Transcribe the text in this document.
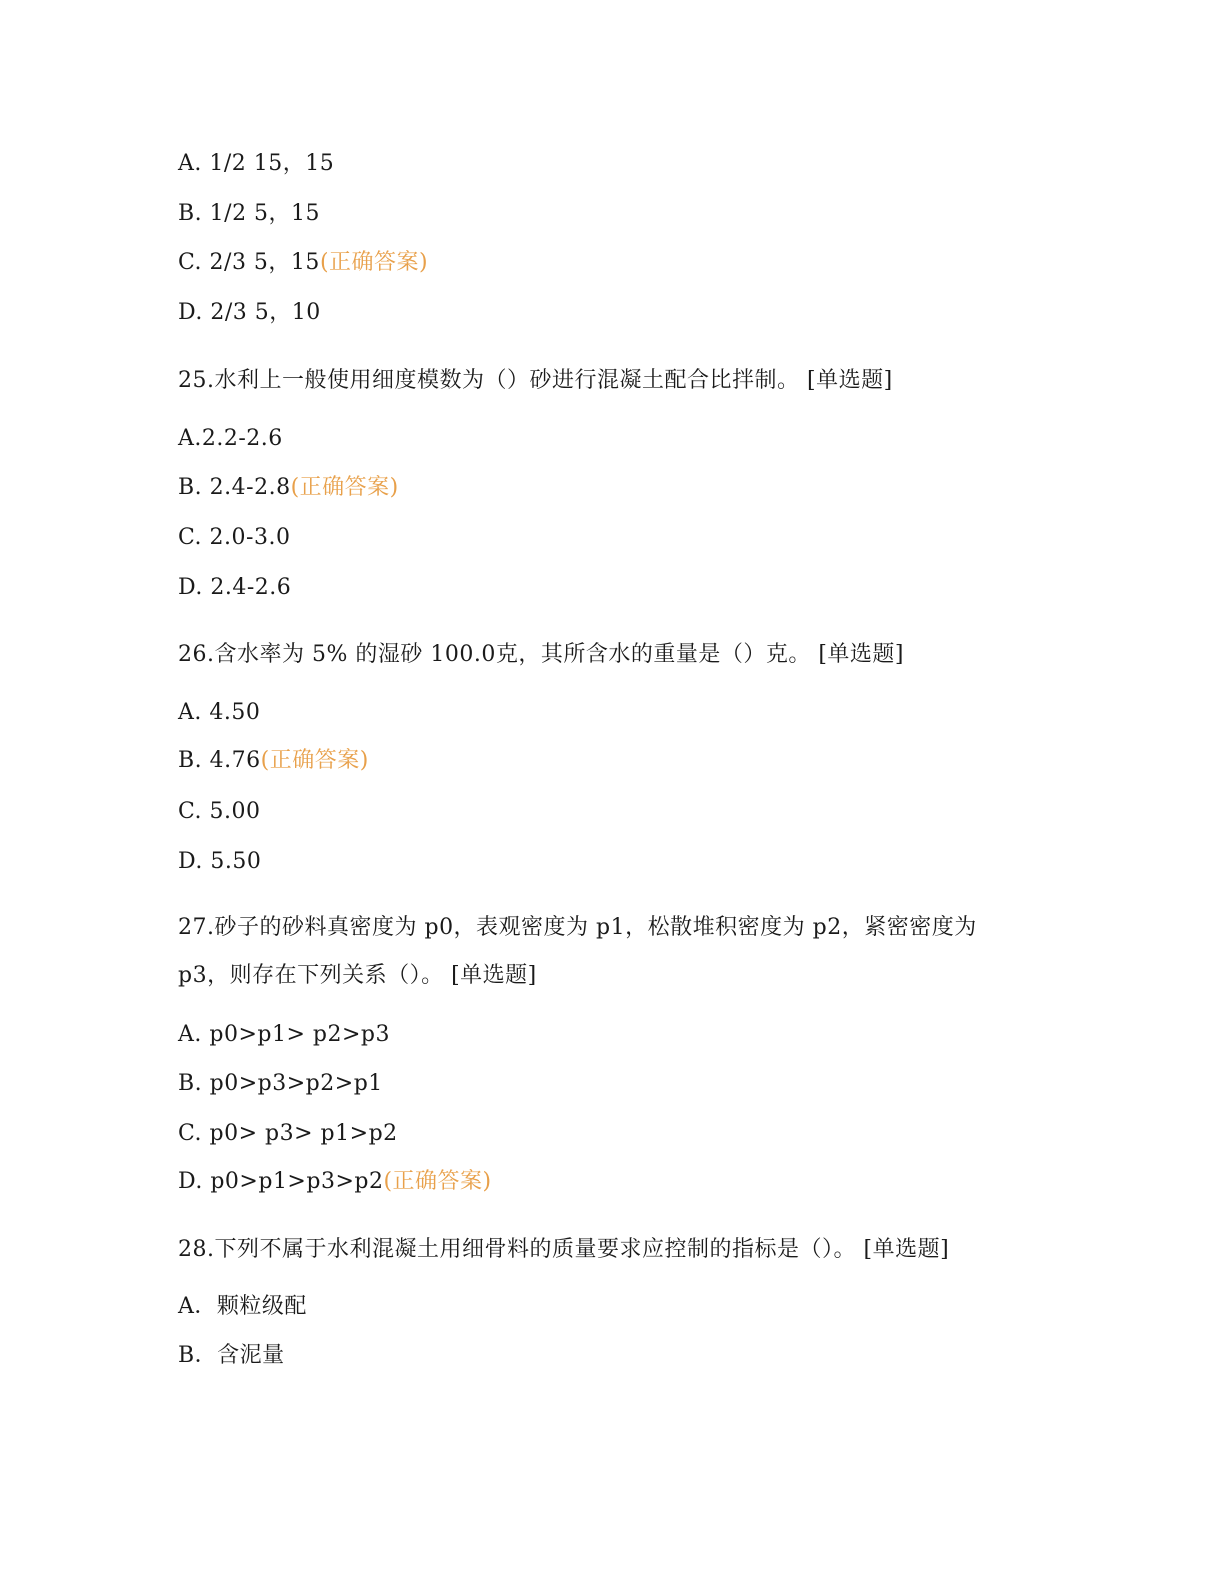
A. 1/2 15，15
B. 1/2 5，15
C. 2/3 5，15(正确答案)
D. 2/3 5，10
25.水利上一般使用细度模数为（）砂进行混凝土配合比拌制。 [单选题]
A.2.2-2.6
B. 2.4-2.8(正确答案)
C. 2.0-3.0
D. 2.4-2.6
26.含水率为 5% 的湿砂 100.0克，其所含水的重量是（）克。 [单选题]
A. 4.50
B. 4.76(正确答案)
C. 5.00
D. 5.50
27.砂子的砂料真密度为 p0，表观密度为 p1，松散堆积密度为 p2，紧密密度为
p3，则存在下列关系（）。 [单选题]
A. p0>p1> p2>p3
B. p0>p3>p2>p1
C. p0> p3> p1>p2
D. p0>p1>p3>p2(正确答案)
28.下列不属于水利混凝土用细骨料的质量要求应控制的指标是（）。 [单选题]
A．颗粒级配
B．含泥量
